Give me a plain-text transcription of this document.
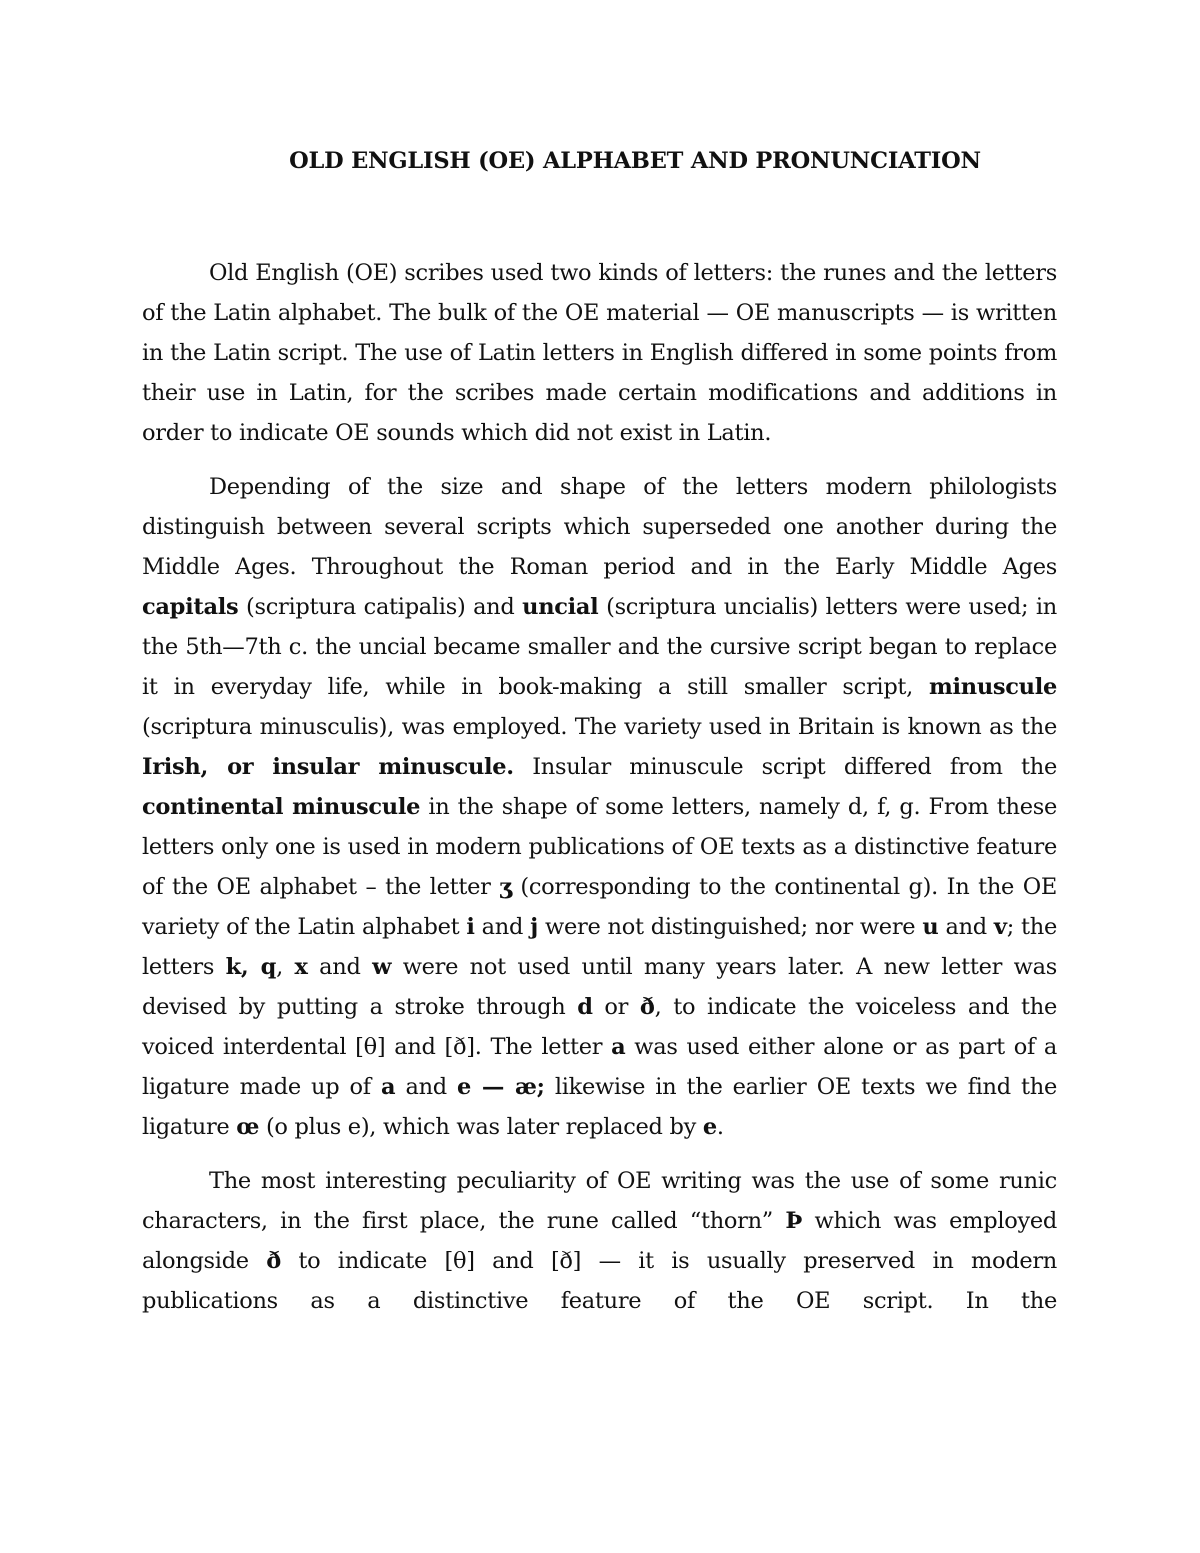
OLD ENGLISH (OE) ALPHABET AND PRONUNCIATION

Old English (OE) scribes used two kinds of letters: the runes and the letters of the Latin alphabet. The bulk of the OE material — OE manuscripts — is written in the Latin script. The use of Latin letters in English differed in some points from their use in Latin, for the scribes made certain modifications and additions in order to indicate OE sounds which did not exist in Latin.

Depending of the size and shape of the letters modern philologists distinguish between several scripts which superseded one another during the Middle Ages. Throughout the Roman period and in the Early Middle Ages capitals (scriptura catipalis) and uncial (scriptura uncialis) letters were used; in the 5th—7th c. the uncial became smaller and the cursive script began to replace it in everyday life, while in book-making a still smaller script, minuscule (scriptura minusculis), was employed. The variety used in Britain is known as the Irish, or insular minuscule. Insular minuscule script differed from the continental minuscule in the shape of some letters, namely d, f, g. From these letters only one is used in modern publications of OE texts as a distinctive feature of the OE alphabet – the letter ʒ (corresponding to the continental g). In the OE variety of the Latin alphabet i and j were not distinguished; nor were u and v; the letters k, q, x and w were not used until many years later. A new letter was devised by putting a stroke through d or ð, to indicate the voiceless and the voiced interdental [θ] and [ð]. The letter a was used either alone or as part of a ligature made up of a and e — æ; likewise in the earlier OE texts we find the ligature œ (o plus e), which was later replaced by e.

The most interesting peculiarity of OE writing was the use of some runic characters, in the first place, the rune called “thorn” Þ which was employed alongside ð to indicate [θ] and [ð] — it is usually preserved in modern publications as a distinctive feature of the OE script. In the
